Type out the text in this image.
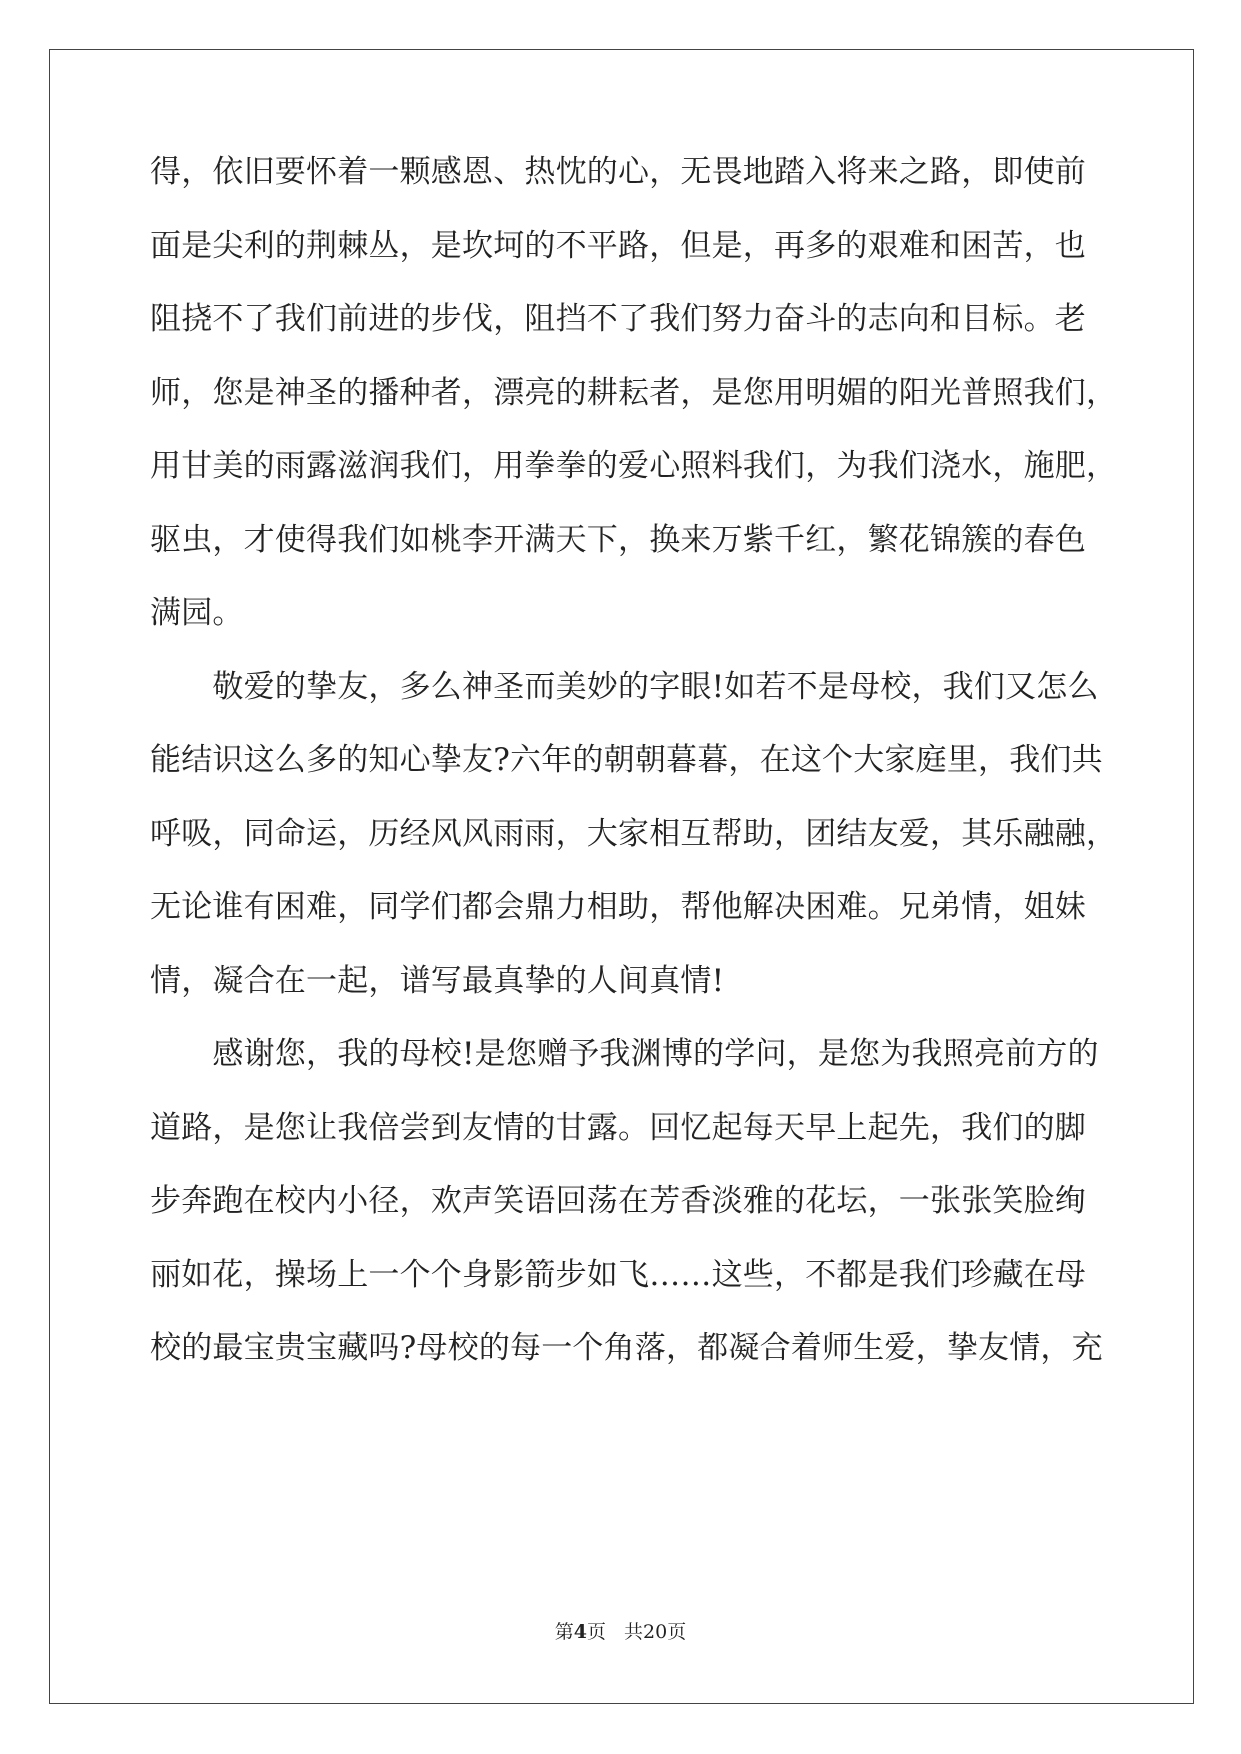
得，依旧要怀着一颗感恩、热忱的心，无畏地踏入将来之路，即使前
面是尖利的荆棘丛，是坎坷的不平路，但是，再多的艰难和困苦，也
阻挠不了我们前进的步伐，阻挡不了我们努力奋斗的志向和目标。老
师，您是神圣的播种者，漂亮的耕耘者，是您用明媚的阳光普照我们，
用甘美的雨露滋润我们，用拳拳的爱心照料我们，为我们浇水，施肥，
驱虫，才使得我们如桃李开满天下，换来万紫千红，繁花锦簇的春色
满园。
　　敬爱的挚友，多么神圣而美妙的字眼!如若不是母校，我们又怎么
能结识这么多的知心挚友?六年的朝朝暮暮，在这个大家庭里，我们共
呼吸，同命运，历经风风雨雨，大家相互帮助，团结友爱，其乐融融，
无论谁有困难，同学们都会鼎力相助，帮他解决困难。兄弟情，姐妹
情，凝合在一起，谱写最真挚的人间真情!
　　感谢您，我的母校!是您赠予我渊博的学问，是您为我照亮前方的
道路，是您让我倍尝到友情的甘露。回忆起每天早上起先，我们的脚
步奔跑在校内小径，欢声笑语回荡在芳香淡雅的花坛，一张张笑脸绚
丽如花，操场上一个个身影箭步如飞……这些，不都是我们珍藏在母
校的最宝贵宝藏吗?母校的每一个角落，都凝合着师生爱，挚友情，充
第4页 共20页
